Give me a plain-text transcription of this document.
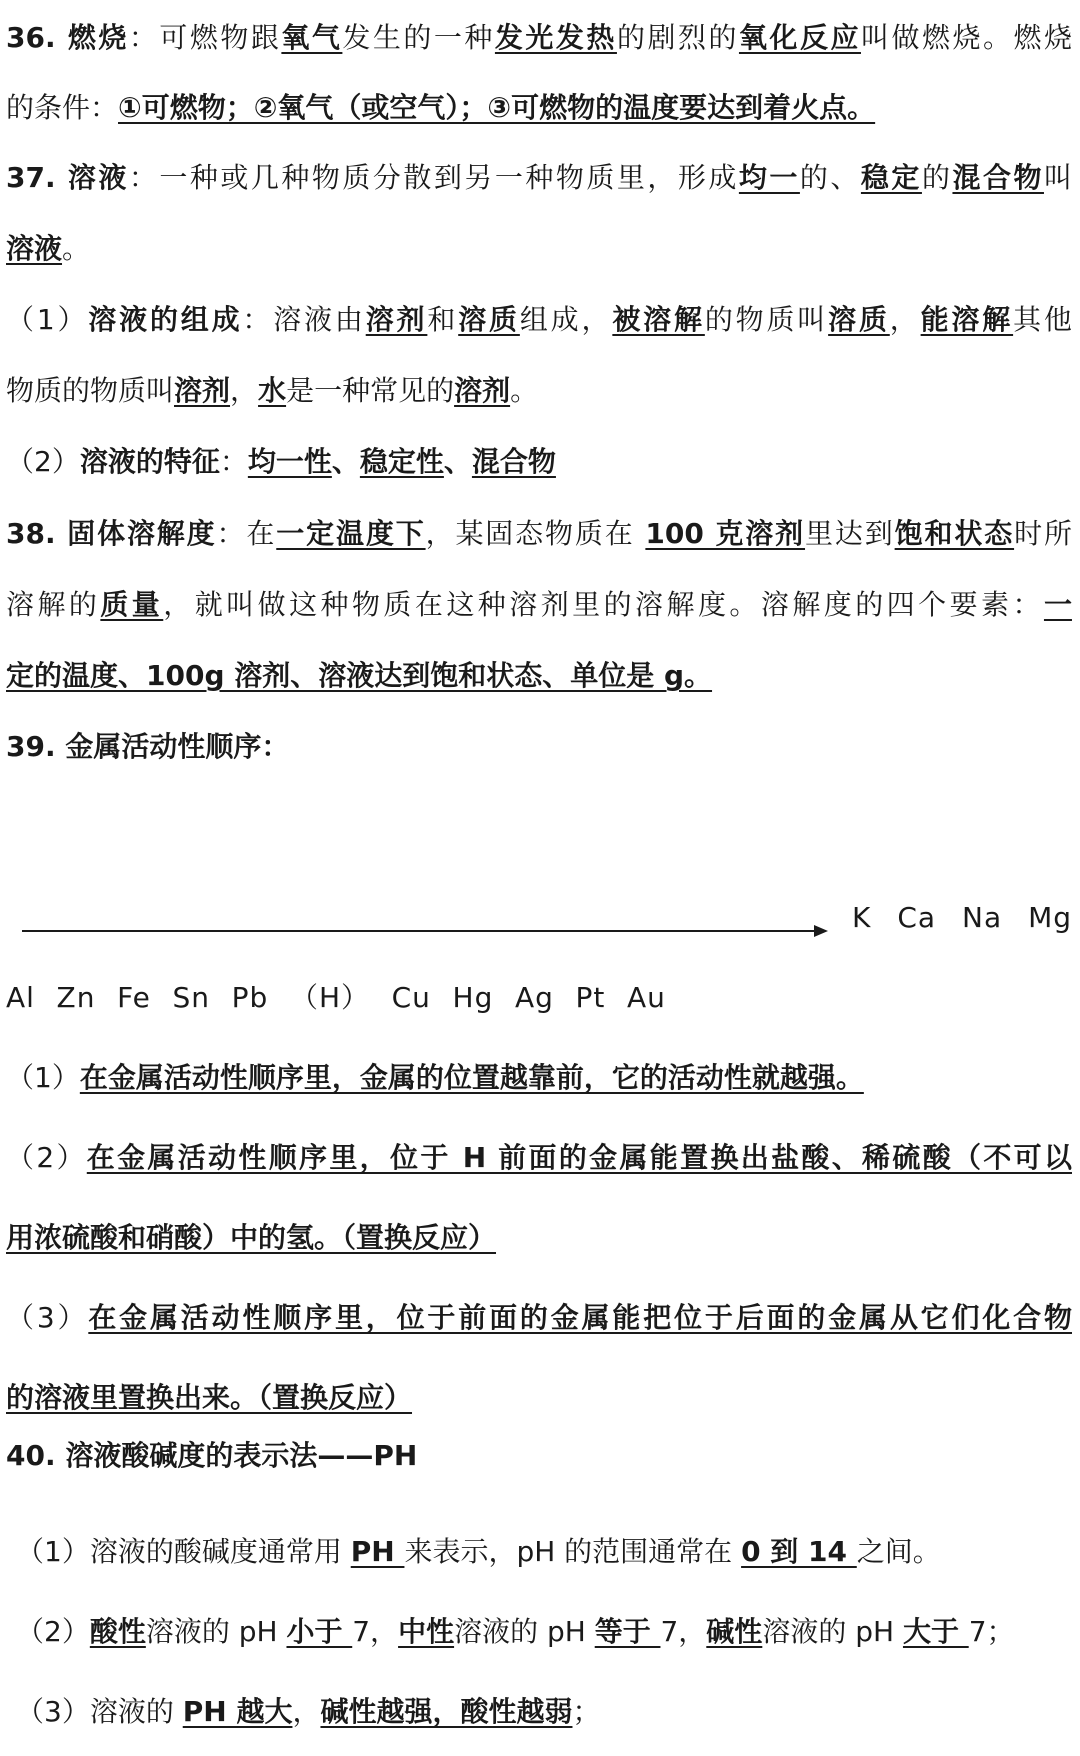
36. 燃烧：可燃物跟氧气发生的一种发光发热的剧烈的氧化反应叫做燃烧。燃烧
的条件：①可燃物；②氧气（或空气）；③可燃物的温度要达到着火点。
37. 溶液：一种或几种物质分散到另一种物质里，形成均一的、稳定的混合物叫
溶液。
（1）溶液的组成：溶液由溶剂和溶质组成，被溶解的物质叫溶质，能溶解其他
物质的物质叫溶剂，水是一种常见的溶剂。
（2）溶液的特征：均一性、稳定性、混合物
38. 固体溶解度：在一定温度下，某固态物质在 100 克溶剂里达到饱和状态时所
溶解的质量，就叫做这种物质在这种溶剂里的溶解度。溶解度的四个要素：一
定的温度、100g 溶剂、溶液达到饱和状态、单位是 g。
39. 金属活动性顺序：
K Ca Na Mg
Al Zn Fe Sn Pb （H） Cu Hg Ag Pt Au
（1）在金属活动性顺序里，金属的位置越靠前，它的活动性就越强。
（2）在金属活动性顺序里，位于 H 前面的金属能置换出盐酸、稀硫酸（不可以
用浓硫酸和硝酸）中的氢。（置换反应）
（3）在金属活动性顺序里，位于前面的金属能把位于后面的金属从它们化合物
的溶液里置换出来。（置换反应）
40. 溶液酸碱度的表示法——PH
（1）溶液的酸碱度通常用 PH 来表示，pH 的范围通常在 0 到 14 之间。
（2）酸性溶液的 pH 小于 7，中性溶液的 pH 等于 7，碱性溶液的 pH 大于 7；
（3）溶液的 PH 越大，碱性越强，酸性越弱；
